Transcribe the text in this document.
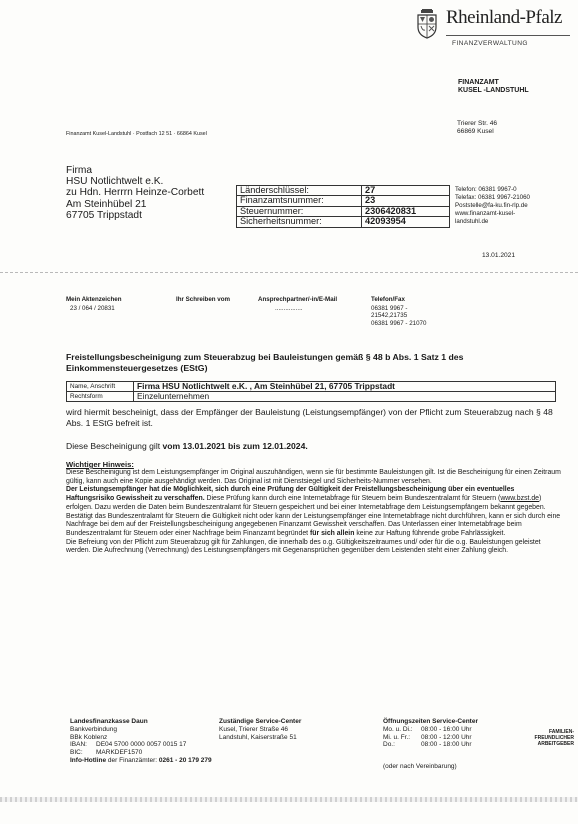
Rheinland-Pfalz
FINANZVERWALTUNG
FINANZAMT
KUSEL -LANDSTUHL
Trierer Str. 46
66869 Kusel
Finanzamt Kusel-Landstuhl · Postfach 12 51 · 66864 Kusel
Firma
HSU Notlichtwelt e.K.
zu Hdn. Herrrn Heinze-Corbett
Am Steinhübel 21
67705 Trippstadt
Länderschlüssel:	27
Finanzamtsnummer:	23
Steuernummer:	2306420831
Sicherheitsnummer:	42093954
Telefon: 06381 9967-0
Telefax: 06381 9967-21060
Poststelle@fa-ku.fin-rlp.de
www.finanzamt-kusel-
landstuhl.de
13.01.2021
Mein Aktenzeichen
23 / 064 / 20831
Ihr Schreiben vom	Ansprechpartner/-in/E-Mail
................
Telefon/Fax
06381 9967 -
21542,21735
06381 9967 - 21070
Freistellungsbescheinigung zum Steuerabzug bei Bauleistungen gemäß § 48 b Abs. 1 Satz 1 des
Einkommensteuergesetzes (EStG)
Name, Anschrift	Firma HSU Notlichtwelt e.K. , Am Steinhübel 21, 67705 Trippstadt
Rechtsform	Einzelunternehmen
wird hiermit bescheinigt, dass der Empfänger der Bauleistung (Leistungsempfänger) von der Pflicht zum Steuerabzug nach § 48 Abs. 1 EStG befreit ist.
Diese Bescheinigung gilt vom 13.01.2021 bis zum 12.01.2024.
Wichtiger Hinweis:

Diese Bescheinigung ist dem Leistungsempfänger im Original auszuhändigen, wenn sie für bestimmte Bauleistungen gilt. Ist die Bescheinigung für einen Zeitraum gültig, kann auch eine Kopie ausgehändigt werden. Das Original ist mit Dienstsiegel und Sicherheits-Nummer versehen.

Der Leistungsempfänger hat die Möglichkeit, sich durch eine Prüfung der Gültigkeit der Freistellungsbescheinigung über ein eventuelles Haftungsrisiko Gewissheit zu verschaffen. Diese Prüfung kann durch eine Internetabfrage für Steuern beim Bundeszentralamt für Steuern (www.bzst.de) erfolgen. Dazu werden die Daten beim Bundeszentralamt für Steuern gespeichert und bei einer Internetabfrage dem Leistungsempfängern bekannt gegeben. Bestätigt das Bundeszentralamt für Steuern die Gültigkeit nicht oder kann der Leistungsempfänger eine Internetabfrage nicht durchführen, kann er sich durch eine Nachfrage bei dem auf der Freistellungsbescheinigung angegebenen Finanzamt Gewissheit verschaffen. Das Unterlassen einer Internetabfrage beim Bundeszentralamt für Steuern oder einer Nachfrage beim Finanzamt begründet für sich allein keine zur Haftung führende grobe Fahrlässigkeit.

Die Befreiung von der Pflicht zum Steuerabzug gilt für Zahlungen, die innerhalb des o.g. Gültigkeitszeitraumes und/ oder für die o.g. Bauleistungen geleistet werden. Die Aufrechnung (Verrechnung) des Leistungsempfängers mit Gegenansprüchen gegenüber dem Leistenden steht einer Zahlung gleich.

Landesfinanzkasse Daun
Bankverbindung
BBk Koblenz
IBAN: DE04 5700 0000 0057 0015 17
BIC: MARKDEF1570
Info-Hotline der Finanzämter: 0261 - 20 179 279
Zuständige Service-Center
Kusel, Trierer Straße 46
Landstuhl, Kaiserstraße 51
Öffnungszeiten Service-Center
Mo. u. Di.:	08:00 - 16:00 Uhr
Mi. u. Fr.:	08:00 - 12:00 Uhr
Do.:	08:00 - 18:00 Uhr
(oder nach Vereinbarung)
FAMILIEN-
FREUNDLICHER
ARBEITGEBER
